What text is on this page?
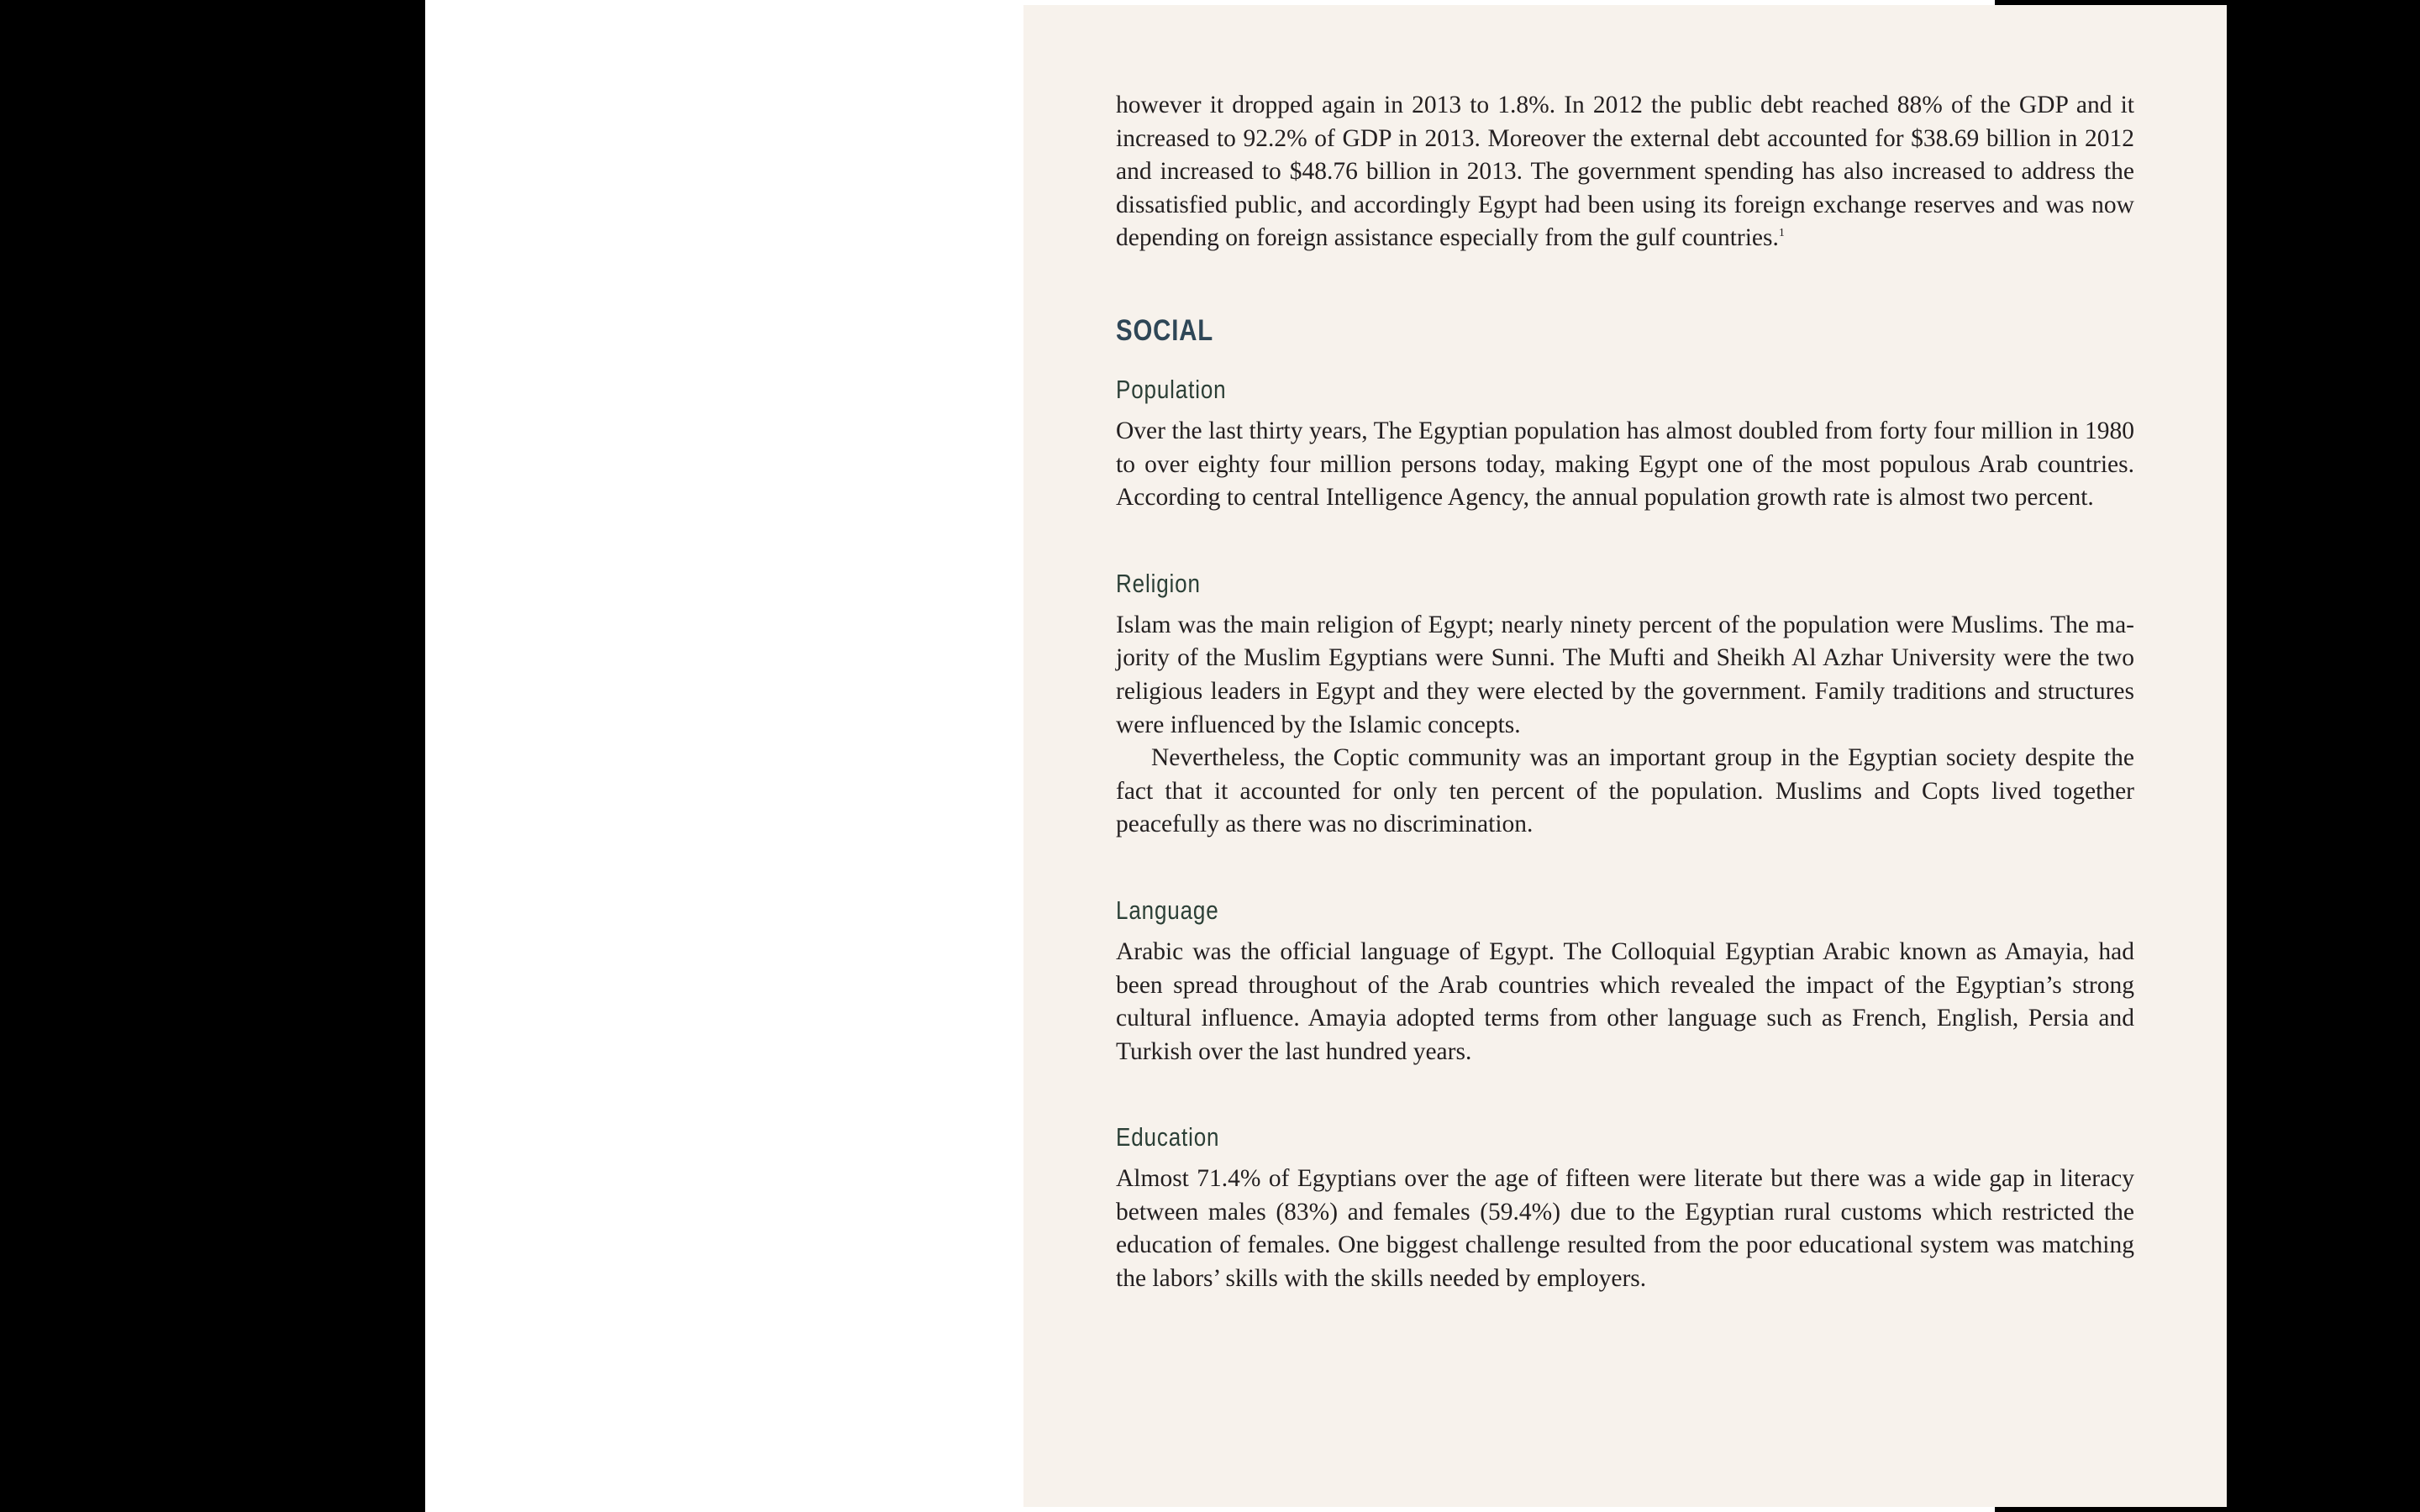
however it dropped again in 2013 to 1.8%. In 2012 the public debt reached 88% of the GDP and it increased to 92.2% of GDP in 2013. Moreover the external debt accounted for $38.69 billion in 2012 and increased to $48.76 billion in 2013. The government spending has also increased to address the dissatisfied public, and accordingly Egypt had been using its foreign exchange reserves and was now depending on foreign assistance especially from the gulf countries.$^1$

SOCIAL
Population

Over the last thirty years, The Egyptian population has almost doubled from forty four million in 1980 to over eighty four million persons today, making Egypt one of the most populous Arab countries. According to central Intelligence Agency, the annual population growth rate is almost two percent.

Religion

Islam was the main religion of Egypt; nearly ninety percent of the population were Muslims. The majority of the Muslim Egyptians were Sunni. The Mufti and Sheikh Al Azhar University were the two religious leaders in Egypt and they were elected by the government. Family traditions and structures were influenced by the Islamic concepts.

Nevertheless, the Coptic community was an important group in the Egyptian society despite the fact that it accounted for only ten percent of the population. Muslims and Copts lived together peacefully as there was no discrimination.

Language

Arabic was the official language of Egypt. The Colloquial Egyptian Arabic known as Amayia, had been spread throughout of the Arab countries which revealed the impact of the Egyptian’s strong cultural influence. Amayia adopted terms from other language such as French, English, Persia and Turkish over the last hundred years.

Education

Almost 71.4% of Egyptians over the age of fifteen were literate but there was a wide gap in literacy between males (83%) and females (59.4%) due to the Egyptian rural customs which restricted the education of females. One biggest challenge resulted from the poor educational system was matching the labors’ skills with the skills needed by employers.
